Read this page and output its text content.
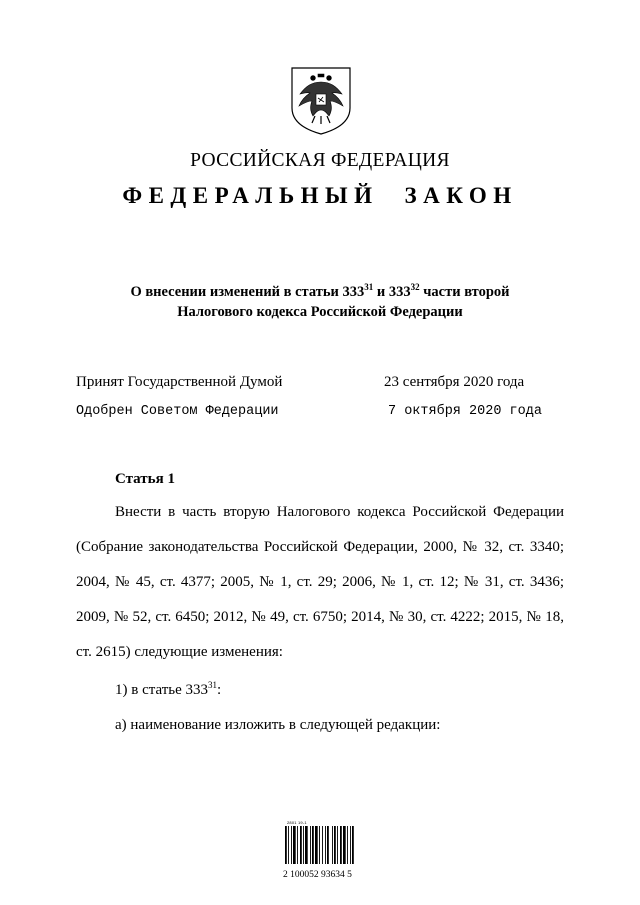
РОССИЙСКАЯ ФЕДЕРАЦИЯ
ФЕДЕРАЛЬНЫЙ ЗАКОН
О внесении изменений в статьи $333^{31}$ и $333^{32}$ части второй
Налогового кодекса Российской Федерации
Принят Государственной Думой	23 сентября 2020 года
Одобрен Советом Федерации	7 октября 2020 года
Статья 1
Внести в часть вторую Налогового кодекса Российской Федерации
(Собрание законодательства Российской Федерации, 2000, № 32, ст. 3340;
2004, № 45, ст. 4377; 2005, № 1, ст. 29; 2006, № 1, ст. 12; № 31, ст. 3436;
2009, № 52, ст. 6450; 2012, № 49, ст. 6750; 2014, № 30, ст. 4222; 2015, № 18,
ст. 2615) следующие изменения:
1) в статье $333^{31}$:
а) наименование изложить в следующей редакции:
2801 19-1
2 100052 93634 5
